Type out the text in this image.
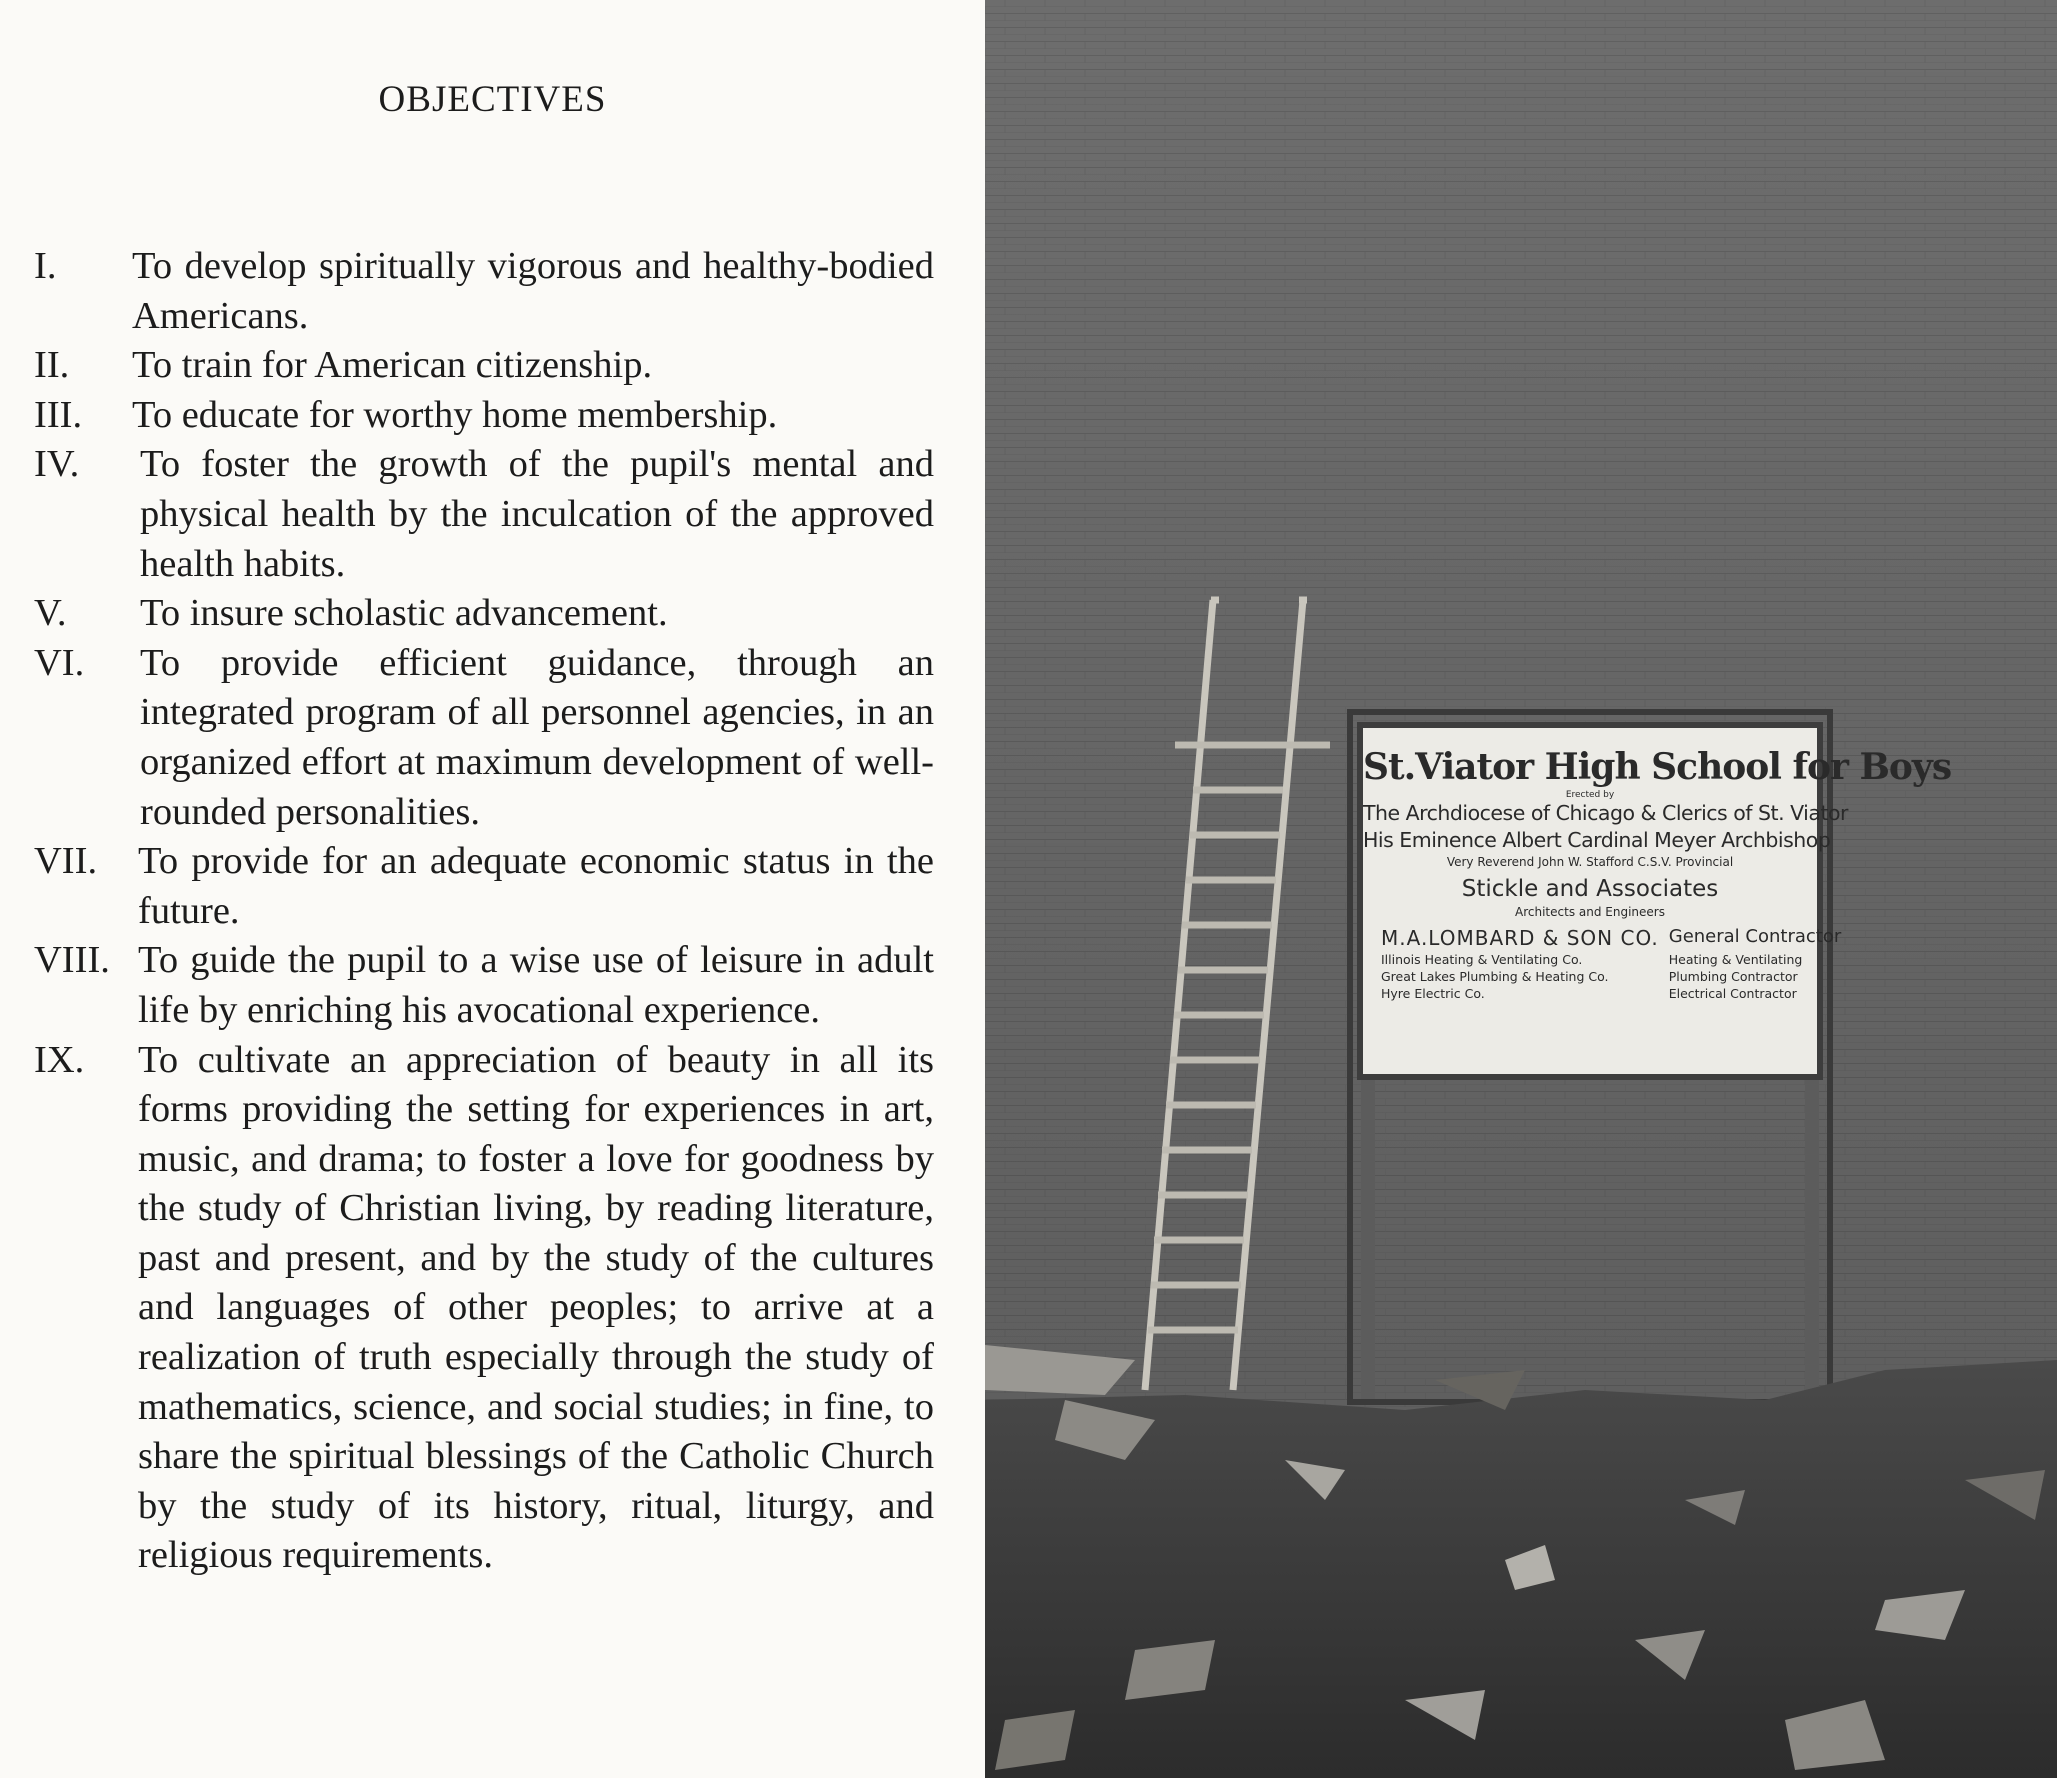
OBJECTIVES
I.	To develop spiritually vigorous and healthy-bodied Americans.
II.	To train for American citizenship.
III.	To educate for worthy home membership.
IV.	To foster the growth of the pupil's mental and physical health by the inculcation of the approved health habits.
V.	To insure scholastic advancement.
VI.	To provide efficient guidance, through an integrated program of all personnel agencies, in an organized effort at maximum development of well-rounded personalities.
VII.	To provide for an adequate economic status in the future.
VIII. To guide the pupil to a wise use of leisure in adult life by enriching his avocational experience.
IX.	To cultivate an appreciation of beauty in all its forms providing the setting for experiences in art, music, and drama; to foster a love for goodness by the study of Christian living, by reading literature, past and present, and by the study of the cultures and languages of other peoples; to arrive at a realization of truth especially through the study of mathematics, science, and social studies; in fine, to share the spiritual blessings of the Catholic Church by the study of its history, ritual, liturgy, and religious requirements.
St.Viator High School for Boys
Erected by
The Archdiocese of Chicago & Clerics of St. Viator
His Eminence Albert Cardinal Meyer Archbishop
Very Reverend John W. Stafford C.S.V. Provincial
Stickle and Associates
Architects and Engineers
M.A.LOMBARD & SON CO. General Contractor
Illinois Heating & Ventilating Co.	Heating & Ventilating
Great Lakes Plumbing & Heating Co.	Plumbing Contractor
Hyre Electric Co.	Electrical Contractor
